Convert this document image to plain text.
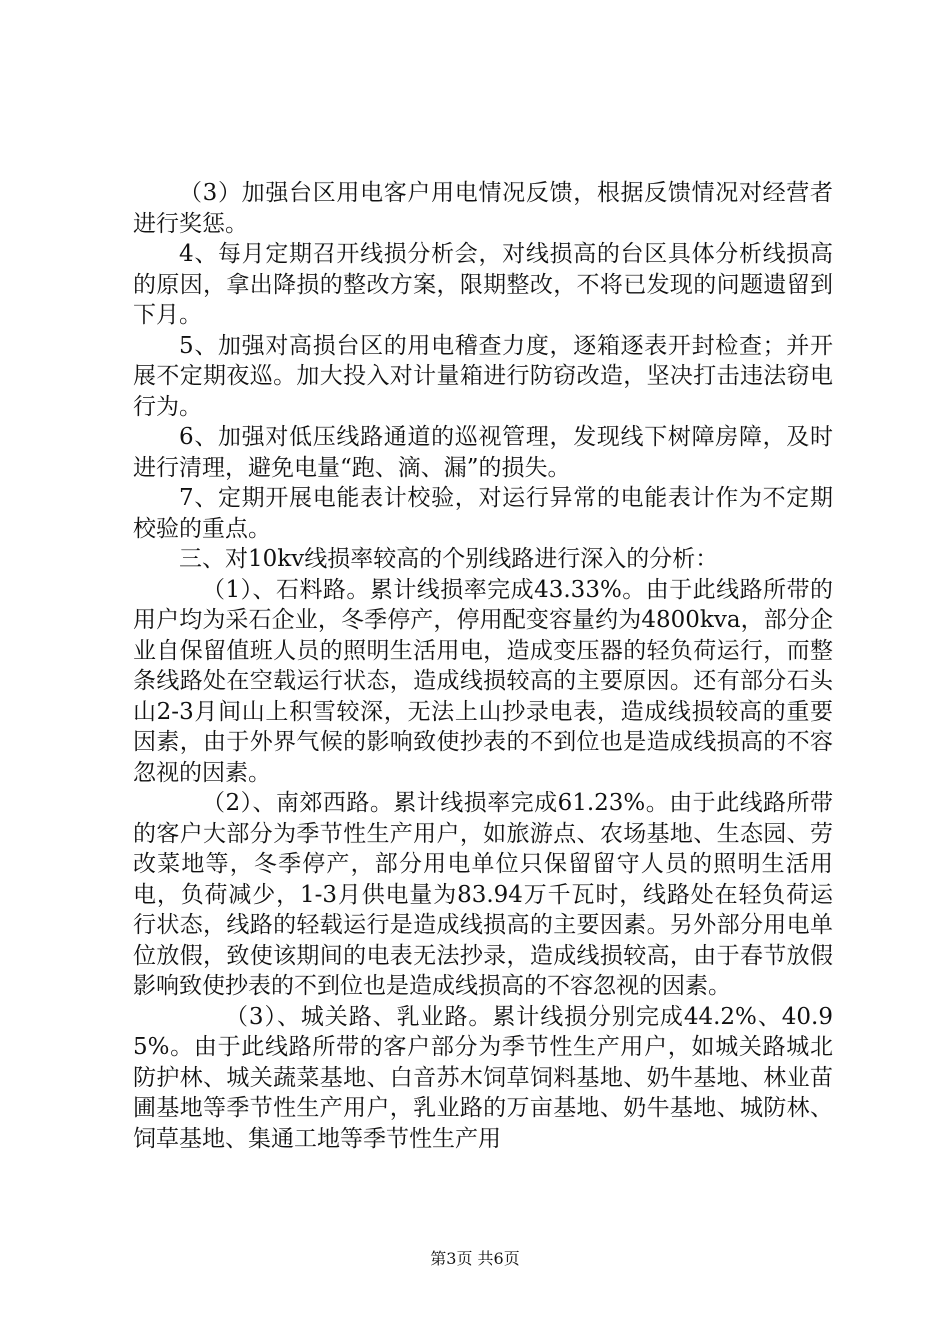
（3）加强台区用电客户用电情况反馈，根据反馈情况对经营者进行奖惩。

4、每月定期召开线损分析会，对线损高的台区具体分析线损高的原因，拿出降损的整改方案，限期整改，不将已发现的问题遗留到下月。

5、加强对高损台区的用电稽查力度，逐箱逐表开封检查；并开展不定期夜巡。加大投入对计量箱进行防窃改造，坚决打击违法窃电行为。

6、加强对低压线路通道的巡视管理，发现线下树障房障，及时进行清理，避免电量“跑、滴、漏”的损失。

7、定期开展电能表计校验，对运行异常的电能表计作为不定期校验的重点。

三、对10kv线损率较高的个别线路进行深入的分析：

（1）、石料路。累计线损率完成43.33%。由于此线路所带的用户均为采石企业，冬季停产，停用配变容量约为4800kva，部分企业自保留值班人员的照明生活用电，造成变压器的轻负荷运行，而整条线路处在空载运行状态，造成线损较高的主要原因。还有部分石头山2-3月间山上积雪较深，无法上山抄录电表，造成线损较高的重要因素，由于外界气候的影响致使抄表的不到位也是造成线损高的不容忽视的因素。

（2）、南郊西路。累计线损率完成61.23%。由于此线路所带的客户大部分为季节性生产用户，如旅游点、农场基地、生态园、劳改菜地等，冬季停产，部分用电单位只保留留守人员的照明生活用电，负荷减少，1-3月供电量为83.94万千瓦时，线路处在轻负荷运行状态，线路的轻载运行是造成线损高的主要因素。另外部分用电单位放假，致使该期间的电表无法抄录，造成线损较高，由于春节放假影响致使抄表的不到位也是造成线损高的不容忽视的因素。

（3）、城关路、乳业路。累计线损分别完成44.2%、40.95%。由于此线路所带的客户部分为季节性生产用户，如城关路城北防护林、城关蔬菜基地、白音苏木饲草饲料基地、奶牛基地、林业苗圃基地等季节性生产用户，乳业路的万亩基地、奶牛基地、城防林、饲草基地、集通工地等季节性生产用

第3页 共6页
